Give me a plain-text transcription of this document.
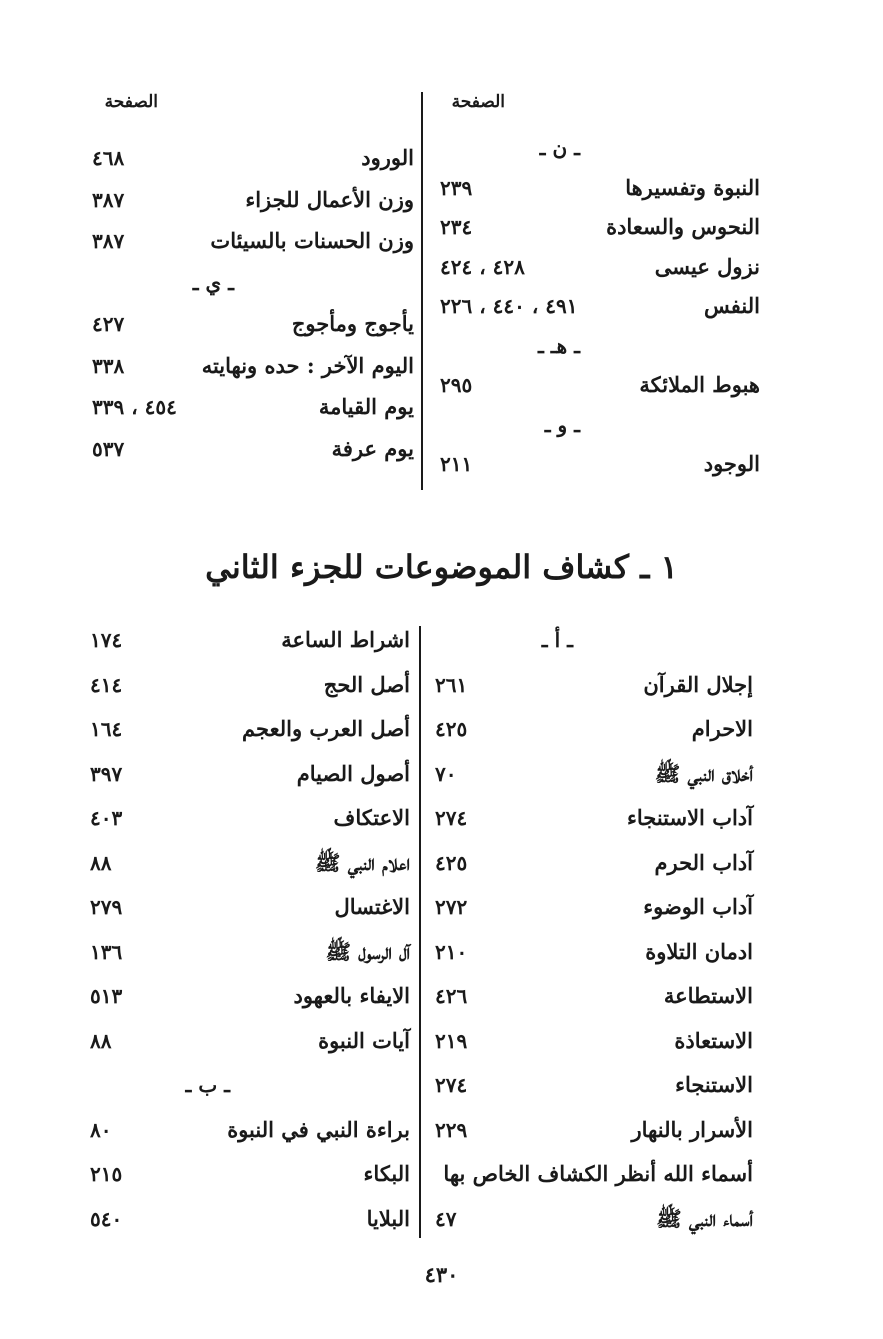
الصفحة
الصفحة
ـ ن ـ
النبوة وتفسيرها
٢٣٩
النحوس والسعادة
٢٣٤
نزول عيسى
٤٢٨ ، ٤٢٤
النفس
٤٩١ ، ٤٤٠ ، ٢٢٦
ـ هـ ـ
هبوط الملائكة
٢٩٥
ـ و ـ
الوجود
٢١١
الورود
٤٦٨
وزن الأعمال للجزاء
٣٨٧
وزن الحسنات بالسيئات
٣٨٧
ـ ي ـ
يأجوج ومأجوج
٤٢٧
اليوم الآخر : حده ونهايته
٣٣٨
يوم القيامة
٤٥٤ ، ٣٣٩
يوم عرفة
٥٣٧
١ ـ كشاف الموضوعات للجزء الثاني
ـ أ ـ
إجلال القرآن
٢٦١
الاحرام
٤٢٥
أخلاق النبي ﷺ
٧٠
آداب الاستنجاء
٢٧٤
آداب الحرم
٤٢٥
آداب الوضوء
٢٧٢
ادمان التلاوة
٢١٠
الاستطاعة
٤٢٦
الاستعاذة
٢١٩
الاستنجاء
٢٧٤
الأسرار بالنهار
٢٢٩
أسماء الله أنظر الكشاف الخاص بها
أسماء النبي ﷺ
٤٧
اشراط الساعة
١٧٤
أصل الحج
٤١٤
أصل العرب والعجم
١٦٤
أصول الصيام
٣٩٧
الاعتكاف
٤٠٣
اعلام النبي ﷺ
٨٨
الاغتسال
٢٧٩
آل الرسول ﷺ
١٣٦
الايفاء بالعهود
٥١٣
آيات النبوة
٨٨
ـ ب ـ
براءة النبي في النبوة
٨٠
البكاء
٢١٥
البلايا
٥٤٠
٤٣٠
